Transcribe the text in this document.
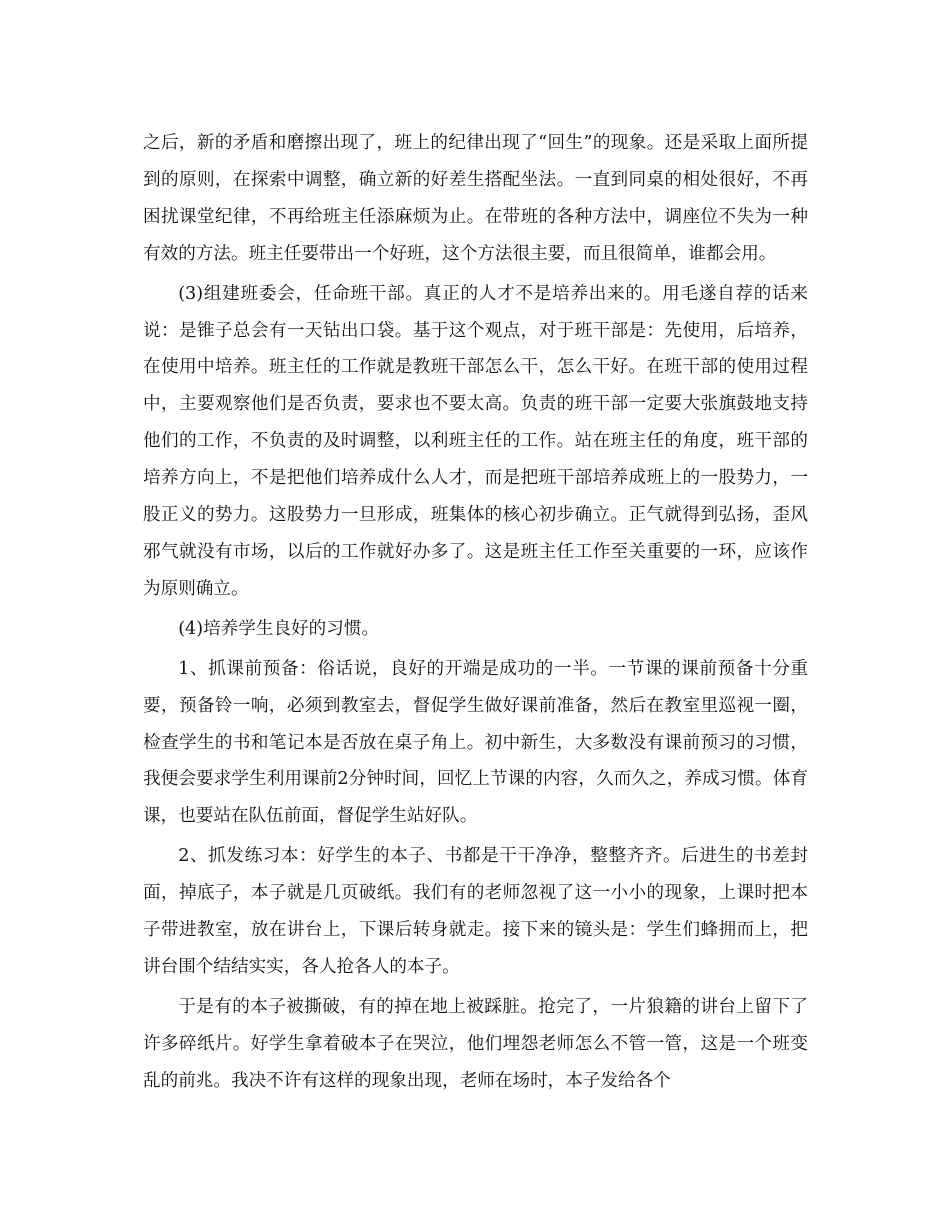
之后，新的矛盾和磨擦出现了，班上的纪律出现了“回生”的现象。还是采取上面所提到的原则，在探索中调整，确立新的好差生搭配坐法。一直到同桌的相处很好，不再困扰课堂纪律，不再给班主任添麻烦为止。在带班的各种方法中，调座位不失为一种有效的方法。班主任要带出一个好班，这个方法很主要，而且很简单，谁都会用。

(3)组建班委会，任命班干部。真正的人才不是培养出来的。用毛遂自荐的话来说：是锥子总会有一天钻出口袋。基于这个观点，对于班干部是：先使用，后培养，在使用中培养。班主任的工作就是教班干部怎么干，怎么干好。在班干部的使用过程中，主要观察他们是否负责，要求也不要太高。负责的班干部一定要大张旗鼓地支持他们的工作，不负责的及时调整，以利班主任的工作。站在班主任的角度，班干部的培养方向上，不是把他们培养成什么人才，而是把班干部培养成班上的一股势力，一股正义的势力。这股势力一旦形成，班集体的核心初步确立。正气就得到弘扬，歪风邪气就没有市场，以后的工作就好办多了。这是班主任工作至关重要的一环，应该作为原则确立。

(4)培养学生良好的习惯。

1、抓课前预备：俗话说，良好的开端是成功的一半。一节课的课前预备十分重要，预备铃一响，必须到教室去，督促学生做好课前准备，然后在教室里巡视一圈，检查学生的书和笔记本是否放在桌子角上。初中新生，大多数没有课前预习的习惯，我便会要求学生利用课前2分钟时间，回忆上节课的内容，久而久之，养成习惯。体育课，也要站在队伍前面，督促学生站好队。

2、抓发练习本：好学生的本子、书都是干干净净，整整齐齐。后进生的书差封面，掉底子，本子就是几页破纸。我们有的老师忽视了这一小小的现象，上课时把本子带进教室，放在讲台上，下课后转身就走。接下来的镜头是：学生们蜂拥而上，把讲台围个结结实实，各人抢各人的本子。

于是有的本子被撕破，有的掉在地上被踩脏。抢完了，一片狼籍的讲台上留下了许多碎纸片。好学生拿着破本子在哭泣，他们埋怨老师怎么不管一管，这是一个班变乱的前兆。我决不许有这样的现象出现，老师在场时，本子发给各个
